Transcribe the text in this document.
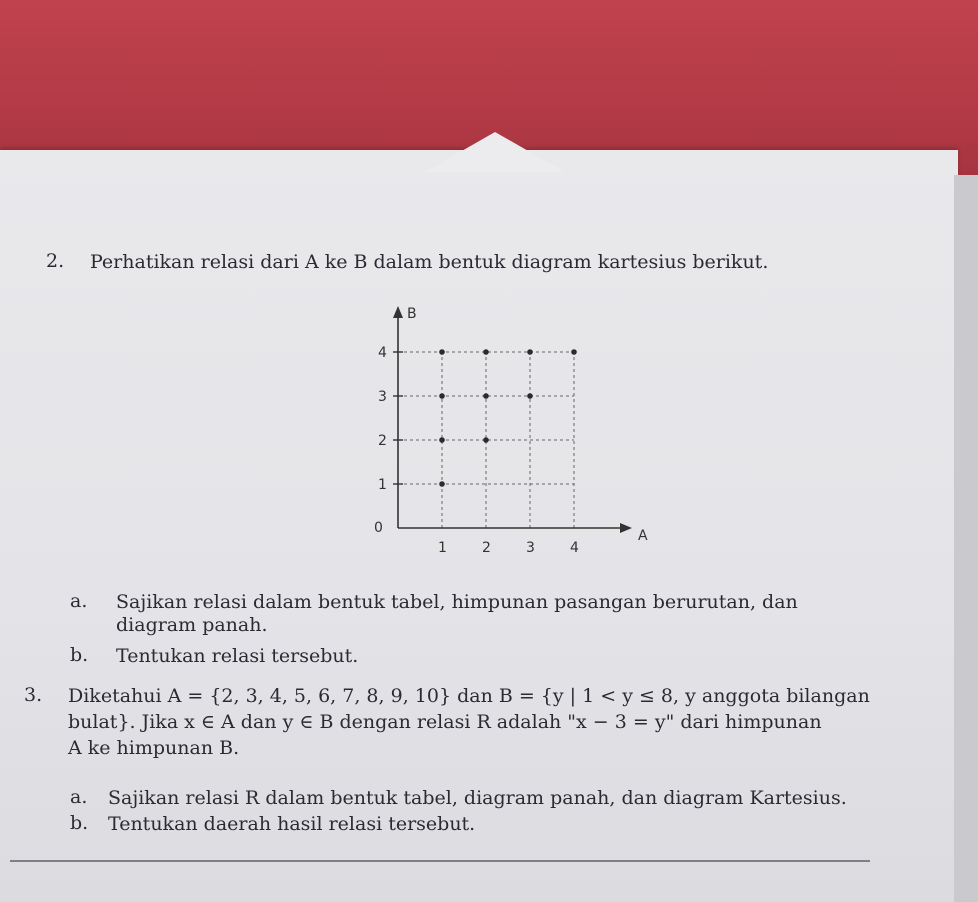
2. Perhatikan relasi dari A ke B dalam bentuk diagram kartesius berikut.
B
A
0
1	2	3	4
1
2
3
4
a. Sajikan relasi dalam bentuk tabel, himpunan pasangan berurutan, dan
diagram panah.
b. Tentukan relasi tersebut.
3. Diketahui A = {2, 3, 4, 5, 6, 7, 8, 9, 10} dan B = {y | 1 < y ≤ 8, y anggota bilangan
bulat}. Jika x ∈ A dan y ∈ B dengan relasi R adalah "x − 3 = y" dari himpunan
A ke himpunan B.
a. Sajikan relasi R dalam bentuk tabel, diagram panah, dan diagram Kartesius.
b. Tentukan daerah hasil relasi tersebut.
